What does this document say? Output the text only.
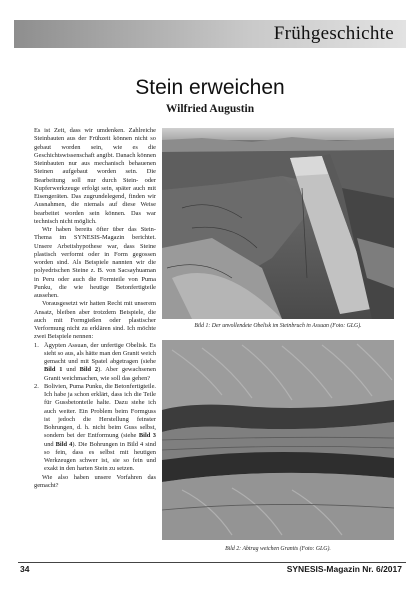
Frühgeschichte
Stein erweichen
Wilfried Augustin

Es ist Zeit, dass wir umdenken. Zahlreiche Steinbauten aus der Frühzeit können nicht so gebaut worden sein, wie es die Geschichtswissenschaft angibt. Danach können Steinbauten nur aus mechanisch behauenen Steinen aufgebaut worden sein. Die Bearbeitung soll nur durch Stein- oder Kupferwerkzeuge erfolgt sein, später auch mit Eisengeräten. Das zugrundelegend, finden wir Ausnahmen, die niemals auf diese Weise bearbeitet worden sein können. Das war technisch nicht möglich.

Wir haben bereits öfter über das Stein-Thema im SYNESIS-Magazin berichtet. Unsere Arbeitshypothese war, dass Steine plastisch verformt oder in Form gegossen worden sind. Als Beispiele nannten wir die polyedrischen Steine z. B. von Sacsayhuaman in Peru oder auch die Formteile von Puma Punku, die wie heutige Betonfertigteile aussehen.

Vorausgesetzt wir hatten Recht mit unserem Ansatz, bleiben aber trotzdem Beispiele, die auch mit Formgießen oder plastischer Verformung nicht zu erklären sind. Ich möchte zwei Beispiele nennen:

1. Ägypten Assuan, der unfertige Obelisk. Es sieht so aus, als hätte man den Granit weich gemacht und mit Spatel abgetragen (siehe Bild 1 und Bild 2). Aber gewachsenen Granit weichmachen, wie soll das gehen?
2. Bolivien, Puma Punku, die Betonfertigteile. Ich habe ja schon erklärt, dass ich die Teile für Gussbetonteile halte. Dazu stehe ich auch weiter. Ein Problem beim Formguss ist jedoch die Herstellung feinster Bohrungen, d. h. nicht beim Guss selbst, sondern bei der Entformung (siehe Bild 3 und Bild 4). Die Bohrungen in Bild 4 sind so fein, dass es selbst mit heutigen Werkzeugen schwer ist, sie so fein und exakt in den harten Stein zu setzen.

Wie also haben unsere Vorfahren das gemacht?

Bild 1: Der unvollendete Obelisk im Steinbruch in Assuan (Foto: GLG).
Bild 2: Abtrag weichen Granits (Foto: GLG).
34	SYNESIS-Magazin Nr. 6/2017
